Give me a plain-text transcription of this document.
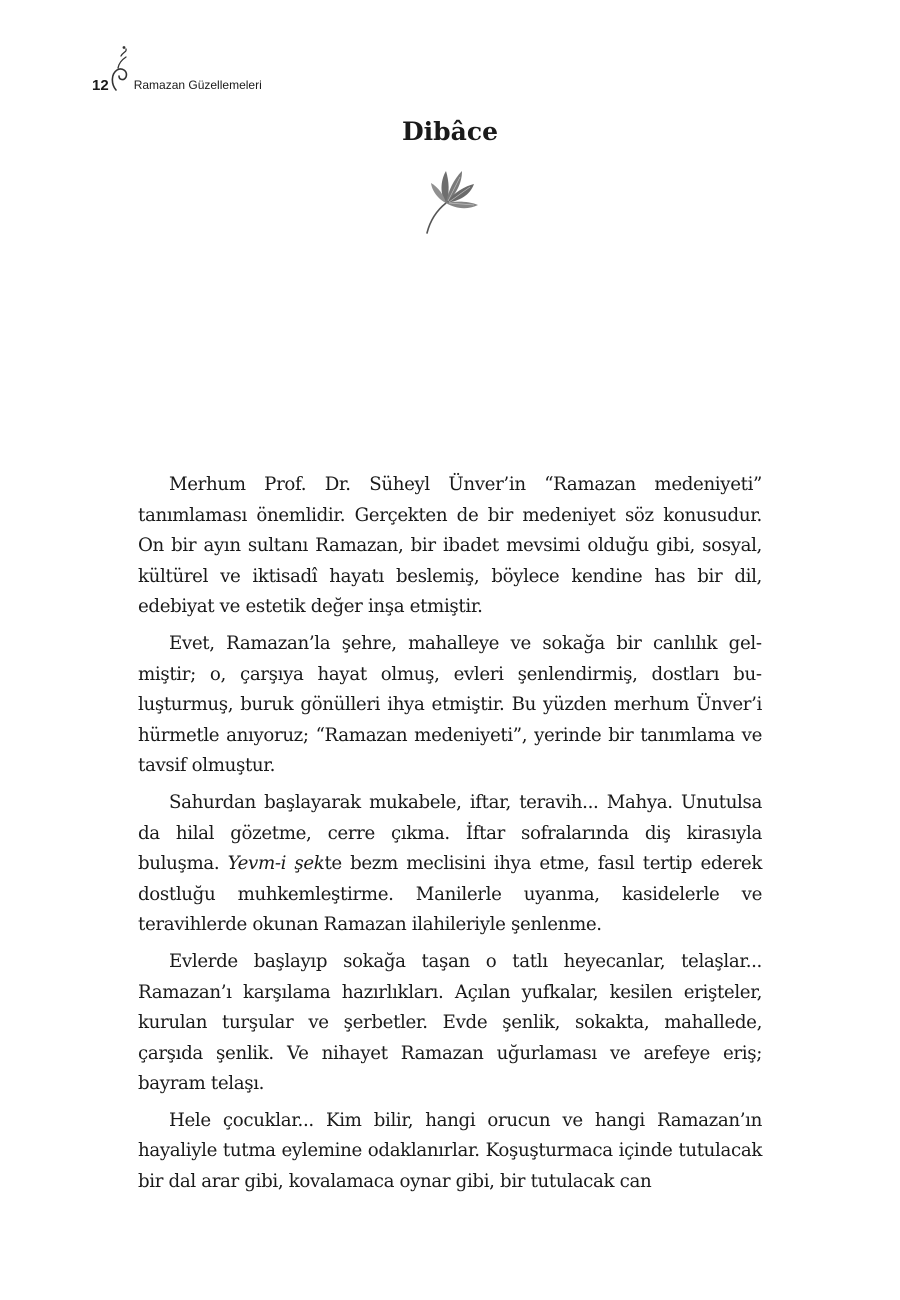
12 Ramazan Güzellemeleri
Dibâce

Merhum Prof. Dr. Süheyl Ünver’in “Ramazan medeniyeti” tanımlaması önemlidir. Gerçekten de bir medeniyet söz konusudur. On bir ayın sultanı Ramazan, bir ibadet mevsimi olduğu gibi, sosyal, kültürel ve iktisadî hayatı beslemiş, böylece kendine has bir dil, edebiyat ve estetik değer inşa etmiştir.

Evet, Ramazan’la şehre, mahalleye ve sokağa bir canlılık gelmiştir; o, çarşıya hayat olmuş, evleri şenlendirmiş, dostları buluşturmuş, buruk gönülleri ihya etmiştir. Bu yüzden merhum Ünver’i hürmetle anıyoruz; “Ramazan medeniyeti”, yerinde bir tanımlama ve tavsif olmuştur.

Sahurdan başlayarak mukabele, iftar, teravih... Mahya. Unutulsa da hilal gözetme, cerre çıkma. İftar sofralarında diş kirasıyla buluşma. Yevm-i şekte bezm meclisini ihya etme, fasıl tertip ederek dostluğu muhkemleştirme. Manilerle uyanma, kasidelerle ve teravihlerde okunan Ramazan ilahileriyle şenlenme.

Evlerde başlayıp sokağa taşan o tatlı heyecanlar, telaşlar... Ramazan’ı karşılama hazırlıkları. Açılan yufkalar, kesilen erişteler, kurulan turşular ve şerbetler. Evde şenlik, sokakta, mahallede, çarşıda şenlik. Ve nihayet Ramazan uğurlaması ve arefeye eriş; bayram telaşı.

Hele çocuklar... Kim bilir, hangi orucun ve hangi Ramazan’ın hayaliyle tutma eylemine odaklanırlar. Koşuşturmaca içinde tutulacak bir dal arar gibi, kovalamaca oynar gibi, bir tutulacak can
